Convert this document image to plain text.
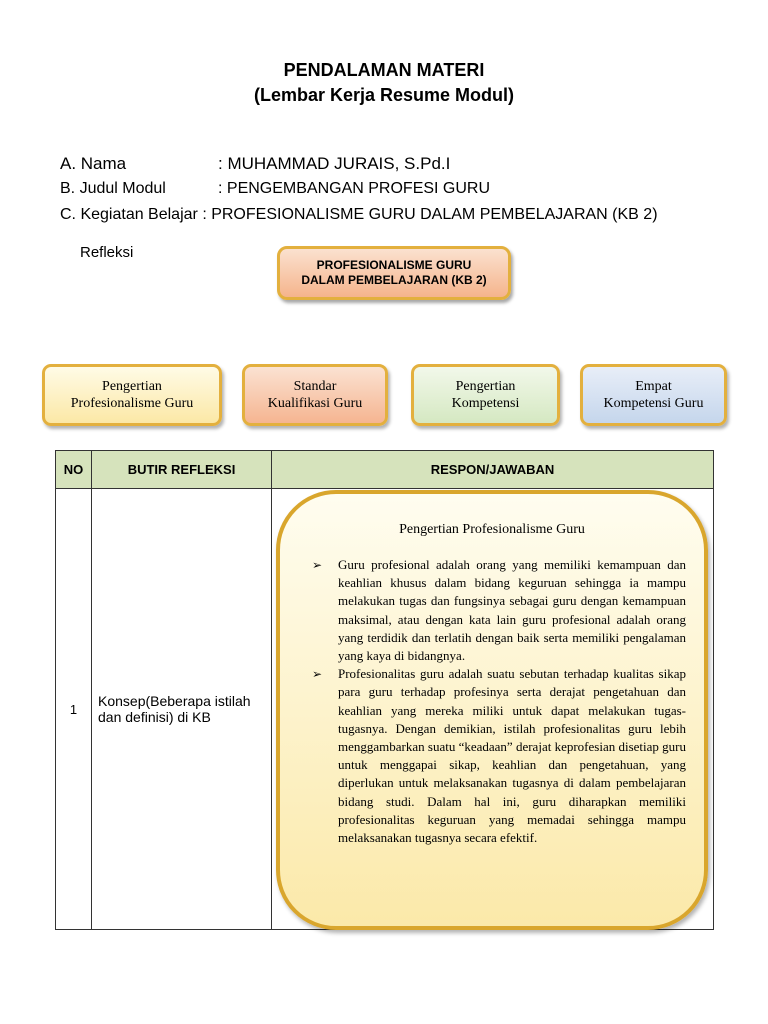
PENDALAMAN MATERI
(Lembar Kerja Resume Modul)
A. Nama	: MUHAMMAD JURAIS, S.Pd.I
B. Judul Modul	: PENGEMBANGAN PROFESI GURU
C. Kegiatan Belajar : PROFESIONALISME GURU DALAM PEMBELAJARAN (KB 2)
Refleksi
PROFESIONALISME GURU
DALAM PEMBELAJARAN (KB 2)
Pengertian
Profesionalisme Guru
Standar
Kualifikasi Guru
Pengertian
Kompetensi
Empat
Kompetensi Guru
NO	BUTIR REFLEKSI	RESPON/JAWABAN
1	Konsep(Beberapa istilah dan definisi) di KB	
Pengertian Profesionalisme Guru
➢ Guru profesional adalah orang yang memiliki kemampuan dan keahlian khusus dalam bidang keguruan sehingga ia mampu melakukan tugas dan fungsinya sebagai guru dengan kemampuan maksimal, atau dengan kata lain guru profesional adalah orang yang terdidik dan terlatih dengan baik serta memiliki pengalaman yang kaya di bidangnya.
➢ Profesionalitas guru adalah suatu sebutan terhadap kualitas sikap para guru terhadap profesinya serta derajat pengetahuan dan keahlian yang mereka miliki untuk dapat melakukan tugas-tugasnya. Dengan demikian, istilah profesionalitas guru lebih menggambarkan suatu “keadaan” derajat keprofesian disetiap guru untuk menggapai sikap, keahlian dan pengetahuan, yang diperlukan untuk melaksanakan tugasnya di dalam pembelajaran bidang studi. Dalam hal ini, guru diharapkan memiliki profesionalitas keguruan yang memadai sehingga mampu melaksanakan tugasnya secara efektif.
